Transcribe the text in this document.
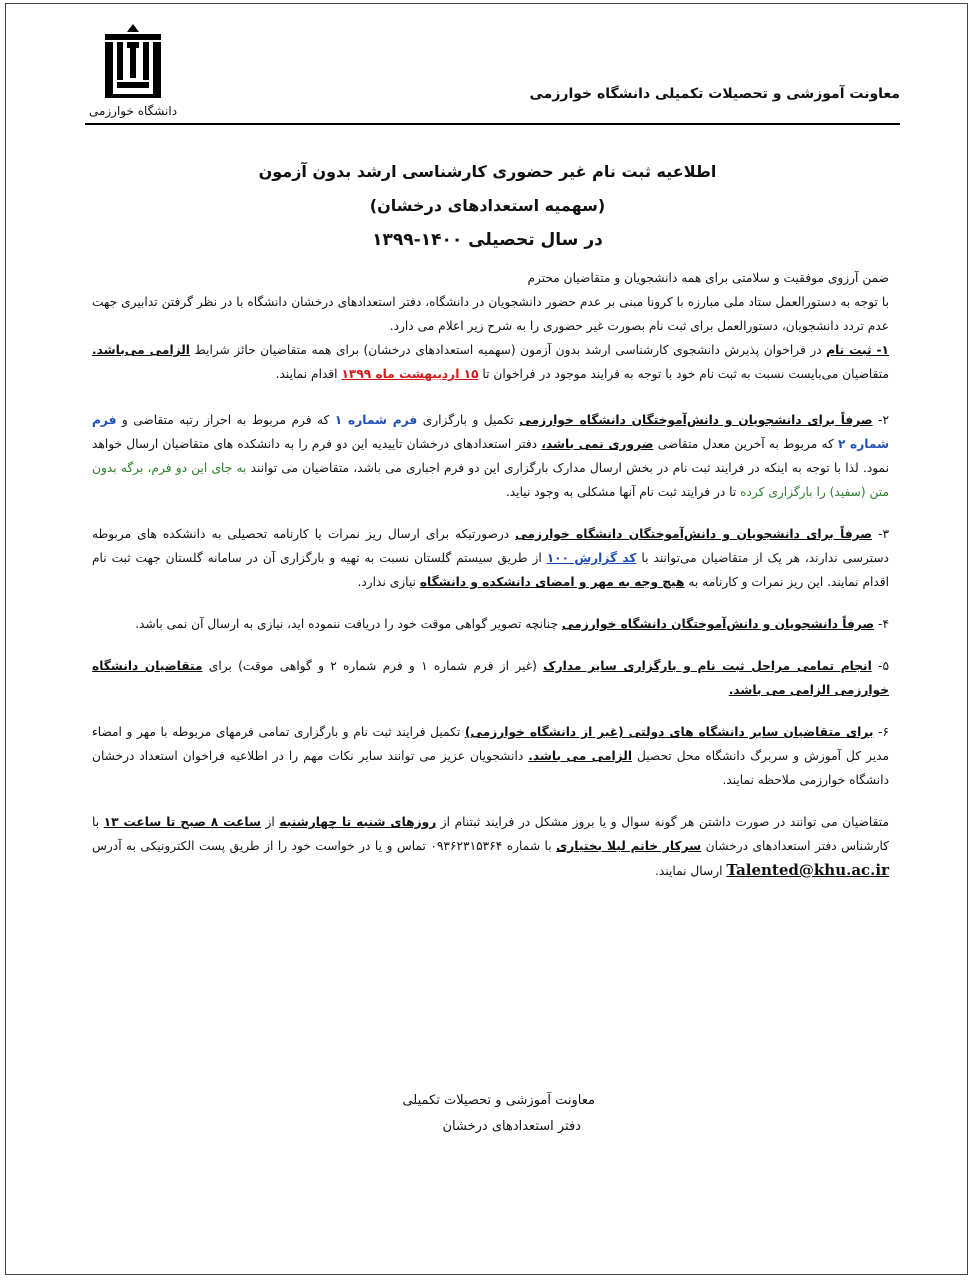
دانشگاه خوارزمی
معاونت آموزشی و تحصیلات تکمیلی دانشگاه خوارزمی
اطلاعیه ثبت نام غیر حضوری کارشناسی ارشد بدون آزمون
(سهمیه استعدادهای درخشان)
در سال تحصیلی ۱۴۰۰-۱۳۹۹

ضمن آرزوی موفقیت و سلامتی برای همه دانشجویان و متقاضیان محترم

با توجه به دستورالعمل ستاد ملی مبارزه با کرونا مبنی بر عدم حضور دانشجویان در دانشگاه، دفتر استعدادهای درخشان دانشگاه با در نظر گرفتن تدابیری جهت عدم تردد دانشجویان، دستورالعمل برای ثبت نام بصورت غیر حضوری را به شرح زیر اعلام می دارد.

۱- ثبت نام در فراخوان پذیرش دانشجوی کارشناسی ارشد بدون آزمون (سهمیه استعدادهای درخشان) برای همه متقاضیان حائز شرایط الزامی می‌باشد. متقاضیان می‌بایست نسبت به ثبت نام خود با توجه به فرایند موجود در فراخوان تا ۱۵ اردیبهشت ماه ۱۳۹۹ اقدام نمایند.

۲- صرفاً برای دانشجویان و دانش‌آموختگان دانشگاه خوارزمی تکمیل و بارگزاری فرم شماره ۱ که فرم مربوط به احراز رتبه متقاضی و فرم شماره ۲ که مربوط به آخرین معدل متقاضی ضروری نمی باشد، دفتر استعدادهای درخشان تاییدیه این دو فرم را به دانشکده های متقاضیان ارسال خواهد نمود. لذا با توجه به اینکه در فرایند ثبت نام در بخش ارسال مدارک بارگزاری این دو فرم اجباری می باشد، متقاضیان می توانند به جای این دو فرم، برگه بدون متن (سفید) را بارگزاری کرده تا در فرایند ثبت نام آنها مشکلی به وجود نیاید.

۳- صرفاً برای دانشجویان و دانش‌آموختگان دانشگاه خوارزمی درصورتیکه برای ارسال ریز نمرات یا کارنامه تحصیلی به دانشکده های مربوطه دسترسی ندارند، هر یک از متقاضیان می‌توانند با کد گزارش ۱۰۰ از طریق سیستم گلستان نسبت به تهیه و بارگزاری آن در سامانه گلستان جهت ثبت نام اقدام نمایند. این ریز نمرات و کارنامه به هیچ وجه به مهر و امضای دانشکده و دانشگاه نیازی ندارد.

۴- صرفاً دانشجویان و دانش‌آموختگان دانشگاه خوارزمی چنانچه تصویر گواهی موقت خود را دریافت ننموده اید، نیازی به ارسال آن نمی باشد.

۵- انجام تمامی مراحل ثبت نام و بارگزاری سایر مدارک (غیر از فرم شماره ۱ و فرم شماره ۲ و گواهی موقت) برای متقاضیان دانشگاه خوارزمی الزامی می باشد.

۶- برای متقاضیان سایر دانشگاه های دولتی (غیر از دانشگاه خوارزمی) تکمیل فرایند ثبت نام و بارگزاری تمامی فرمهای مربوطه با مهر و امضاء مدیر کل آموزش و سربرگ دانشگاه محل تحصیل الزامی می باشد. دانشجویان عزیز می توانند سایر نکات مهم را در اطلاعیه فراخوان استعداد درخشان دانشگاه خوارزمی ملاحظه نمایند.

متقاضیان می توانند در صورت داشتن هر گونه سوال و یا بروز مشکل در فرایند ثبتنام از روزهای شنبه تا چهارشنبه از ساعت ۸ صبح تا ساعت ۱۳ با کارشناس دفتر استعدادهای درخشان سرکار خانم لیلا بختیاری با شماره ۰۹۳۶۲۳۱۵۳۶۴ تماس و یا در خواست خود را از طریق پست الکترونیکی به آدرس Talented@khu.ac.ir ارسال نمایند.

معاونت آموزشی و تحصیلات تکمیلی
دفتر استعدادهای درخشان
